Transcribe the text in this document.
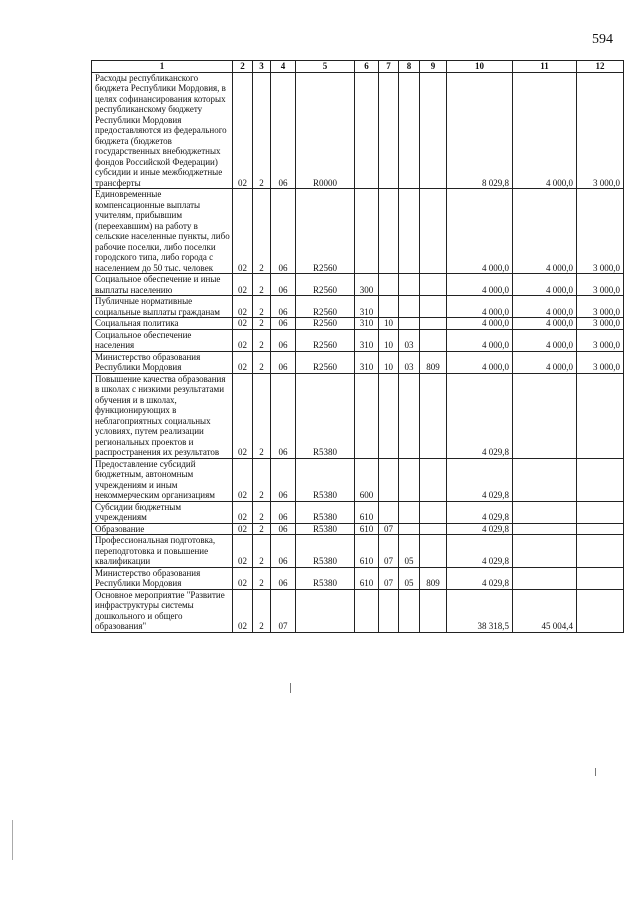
594
1	2	3	4	5	6	7	8	9	10	11	12
Расходы республиканского бюджета Республики Мордовия, в целях софинансирования которых республиканскому бюджету Республики Мордовия предоставляются из федерального бюджета (бюджетов государственных внебюджетных фондов Российской Федерации) субсидии и иные межбюджетные трансферты	02	2	06	R0000					8 029,8	4 000,0	3 000,0
Единовременные компенсационные выплаты учителям, прибывшим (переехавшим) на работу в сельские населенные пункты, либо рабочие поселки, либо поселки городского типа, либо города с населением до 50 тыс. человек	02	2	06	R2560					4 000,0	4 000,0	3 000,0
Социальное обеспечение и иные выплаты населению	02	2	06	R2560	300				4 000,0	4 000,0	3 000,0
Публичные нормативные социальные выплаты гражданам	02	2	06	R2560	310				4 000,0	4 000,0	3 000,0
Социальная политика	02	2	06	R2560	310	10			4 000,0	4 000,0	3 000,0
Социальное обеспечение населения	02	2	06	R2560	310	10	03		4 000,0	4 000,0	3 000,0
Министерство образования Республики Мордовия	02	2	06	R2560	310	10	03	809	4 000,0	4 000,0	3 000,0
Повышение качества образования в школах с низкими результатами обучения и в школах, функционирующих в неблагоприятных социальных условиях, путем реализации региональных проектов и распространения их результатов	02	2	06	R5380					4 029,8		
Предоставление субсидий бюджетным, автономным учреждениям и иным некоммерческим организациям	02	2	06	R5380	600				4 029,8		
Субсидии бюджетным учреждениям	02	2	06	R5380	610				4 029,8		
Образование	02	2	06	R5380	610	07			4 029,8		
Профессиональная подготовка, переподготовка и повышение квалификации	02	2	06	R5380	610	07	05		4 029,8		
Министерство образования Республики Мордовия	02	2	06	R5380	610	07	05	809	4 029,8		
Основное мероприятие "Развитие инфраструктуры системы дошкольного и общего образования"	02	2	07						38 318,5	45 004,4	
